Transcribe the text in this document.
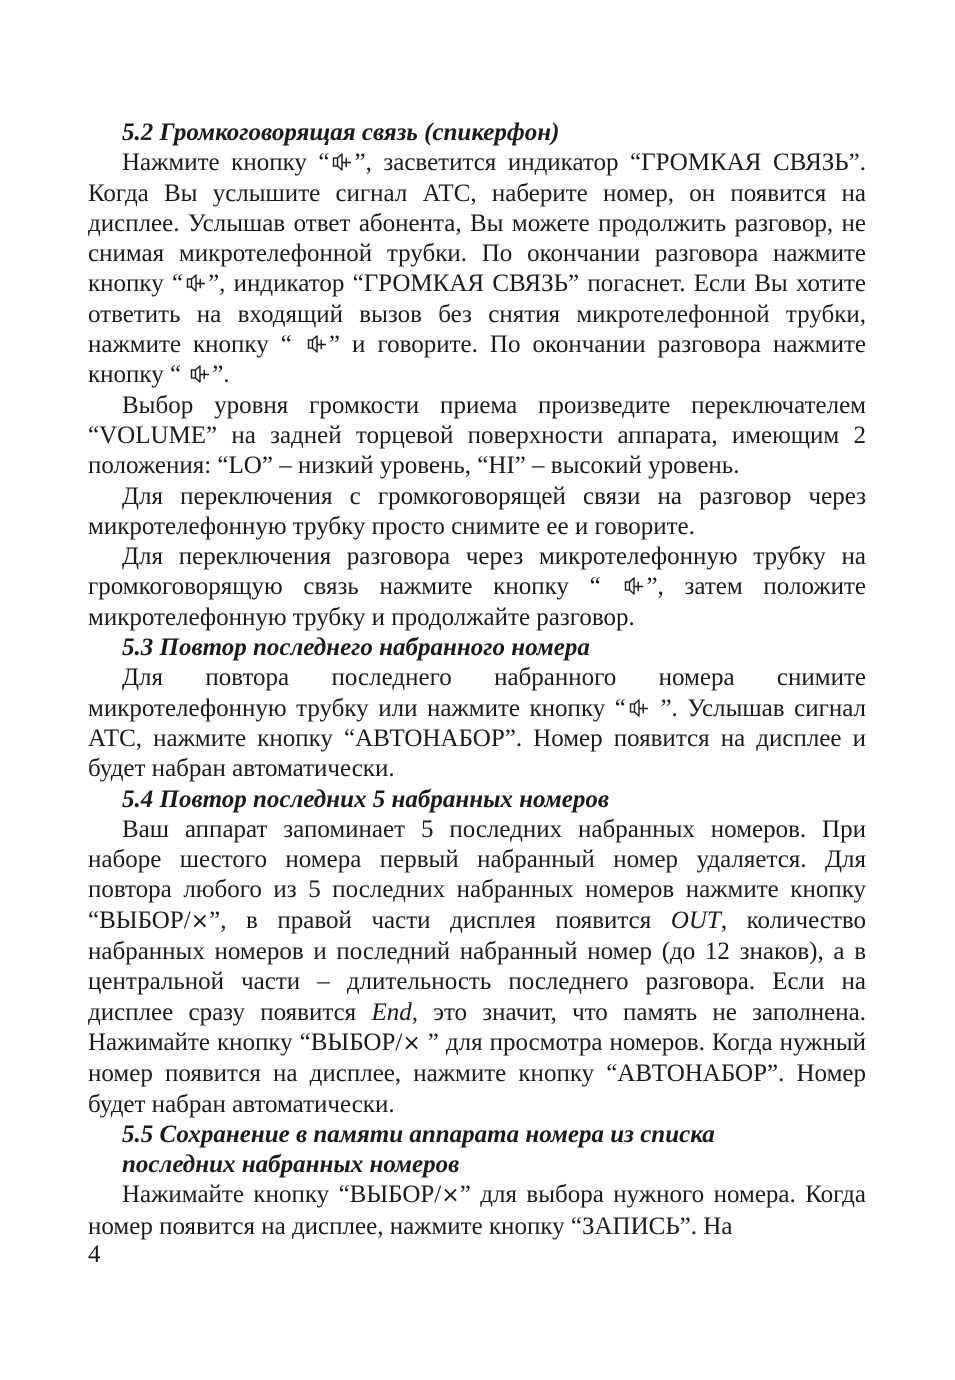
5.2 Громкоговорящая связь (спикерфон)

Нажмите кнопку “ ”, засветится индикатор “ГРОМКАЯ СВЯЗЬ”. Когда Вы услышите сигнал АТС, наберите номер, он появится на дисплее. Услышав ответ абонента, Вы можете продолжить разговор, не снимая микротелефонной трубки. По окончании разговора нажмите кнопку “ ”, индикатор “ГРОМКАЯ СВЯЗЬ” погаснет. Если Вы хотите ответить на входящий вызов без снятия микротелефонной трубки, нажмите кнопку “
” и говорите. По окончании разговора нажмите кнопку “
”.

Выбор уровня громкости приема произведите переключателем “VOLUME” на задней торцевой поверхности аппарата, имеющим 2 положения: “LO” – низкий уровень, “HI” – высокий уровень.

Для переключения с громкоговорящей связи на разговор через микротелефонную трубку просто снимите ее и говорите.

Для переключения разговора через микротелефонную трубку на громкоговорящую связь нажмите кнопку “
”, затем положите микротелефонную трубку и продолжайте разговор.

5.3 Повтор последнего набранного номера

Для повтора последнего набранного номера снимите микротелефонную трубку или нажмите кнопку “
”. Услышав сигнал АТС, нажмите кнопку “АВТОНАБОР”. Номер появится на дисплее и будет набран автоматически.

5.4 Повтор последних 5 набранных номеров

Ваш аппарат запоминает 5 последних набранных номеров. При наборе шестого номера первый набранный номер удаляется. Для повтора любого из 5 последних набранных номеров нажмите кнопку “ВЫБОР/×”, в правой части дисплея появится OUT, количество набранных номеров и последний набранный номер (до 12 знаков), а в центральной части – длительность последнего разговора. Если на дисплее сразу появится End, это значит, что память не заполнена. Нажимайте кнопку “ВЫБОР/× ” для просмотра номеров. Когда нужный номер появится на дисплее, нажмите кнопку “АВТОНАБОР”. Номер будет набран автоматически.

5.5 Сохранение в памяти аппарата номера из списка
последних набранных номеров

Нажимайте кнопку “ВЫБОР/×” для выбора нужного номера. Когда номер появится на дисплее, нажмите кнопку “ЗАПИСЬ”. На

4
